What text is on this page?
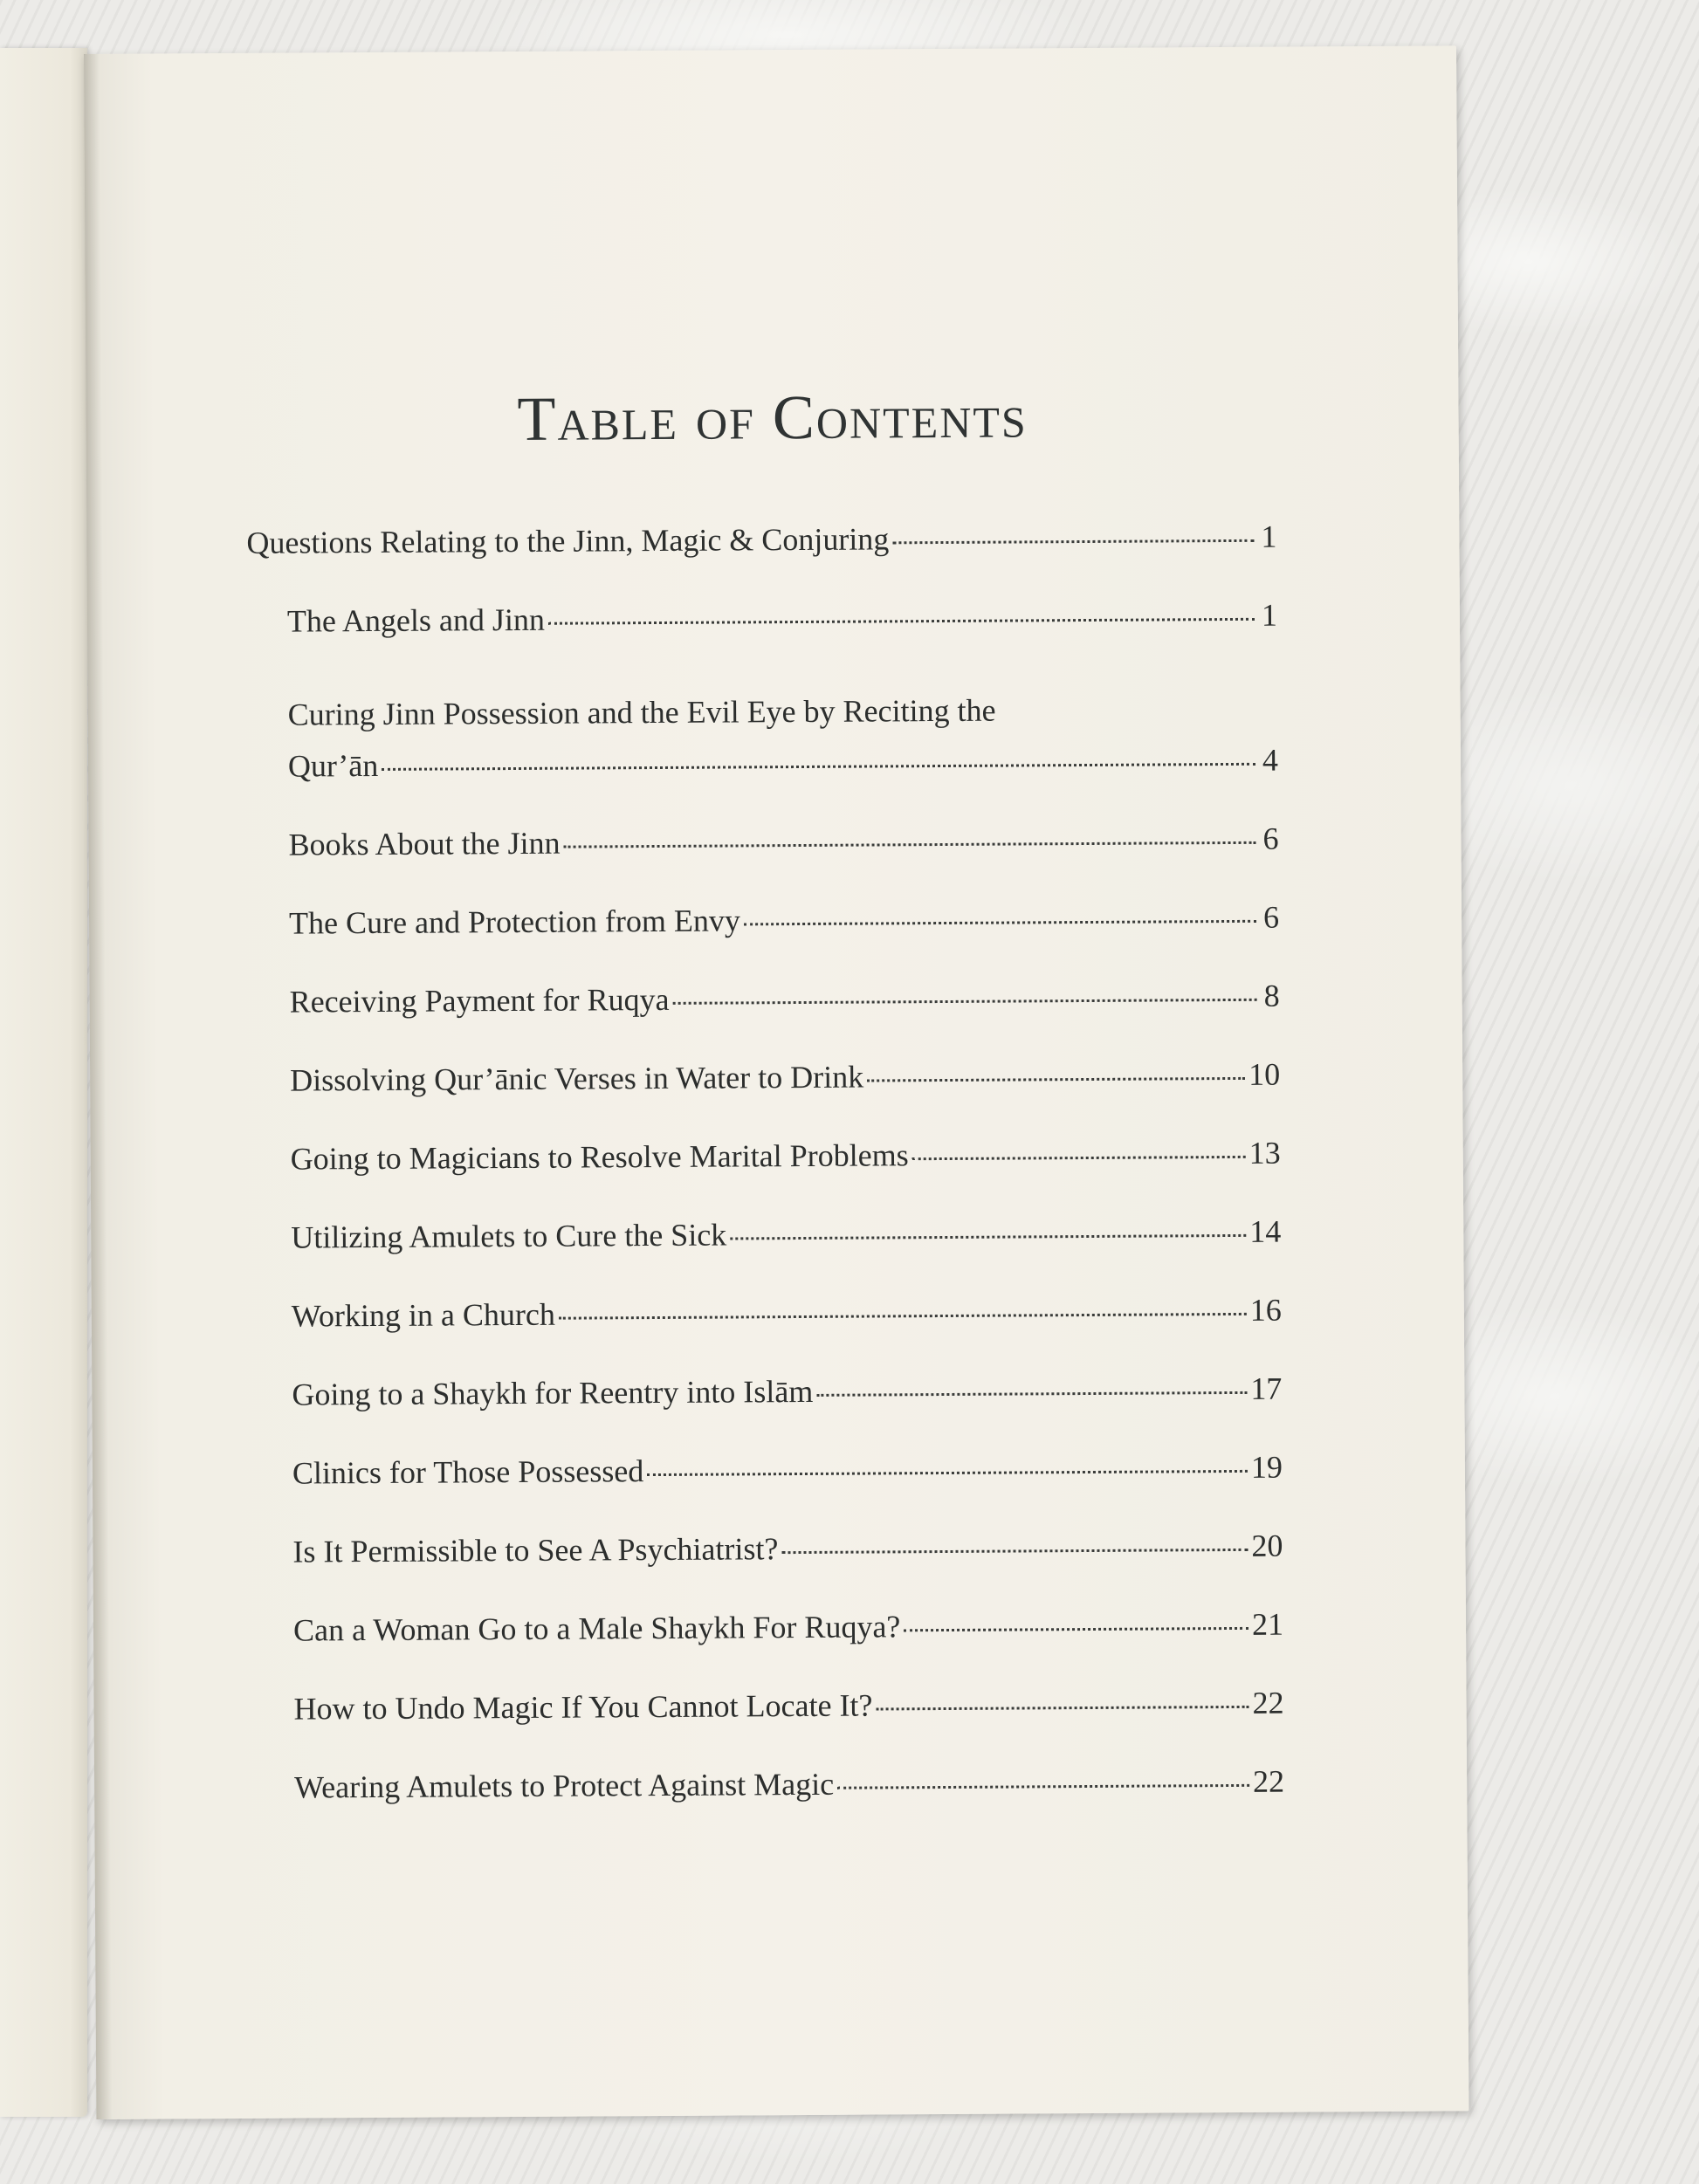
Table of Contents
Questions Relating to the Jinn, Magic & Conjuring	1
The Angels and Jinn	1
Curing Jinn Possession and the Evil Eye by Reciting the
Qur’ān	4
Books About the Jinn	6
The Cure and Protection from Envy	6
Receiving Payment for Ruqya	8
Dissolving Qur’ānic Verses in Water to Drink	10
Going to Magicians to Resolve Marital Problems	13
Utilizing Amulets to Cure the Sick	14
Working in a Church	16
Going to a Shaykh for Reentry into Islām	17
Clinics for Those Possessed	19
Is It Permissible to See A Psychiatrist?	20
Can a Woman Go to a Male Shaykh For Ruqya?	21
How to Undo Magic If You Cannot Locate It?	22
Wearing Amulets to Protect Against Magic	22
